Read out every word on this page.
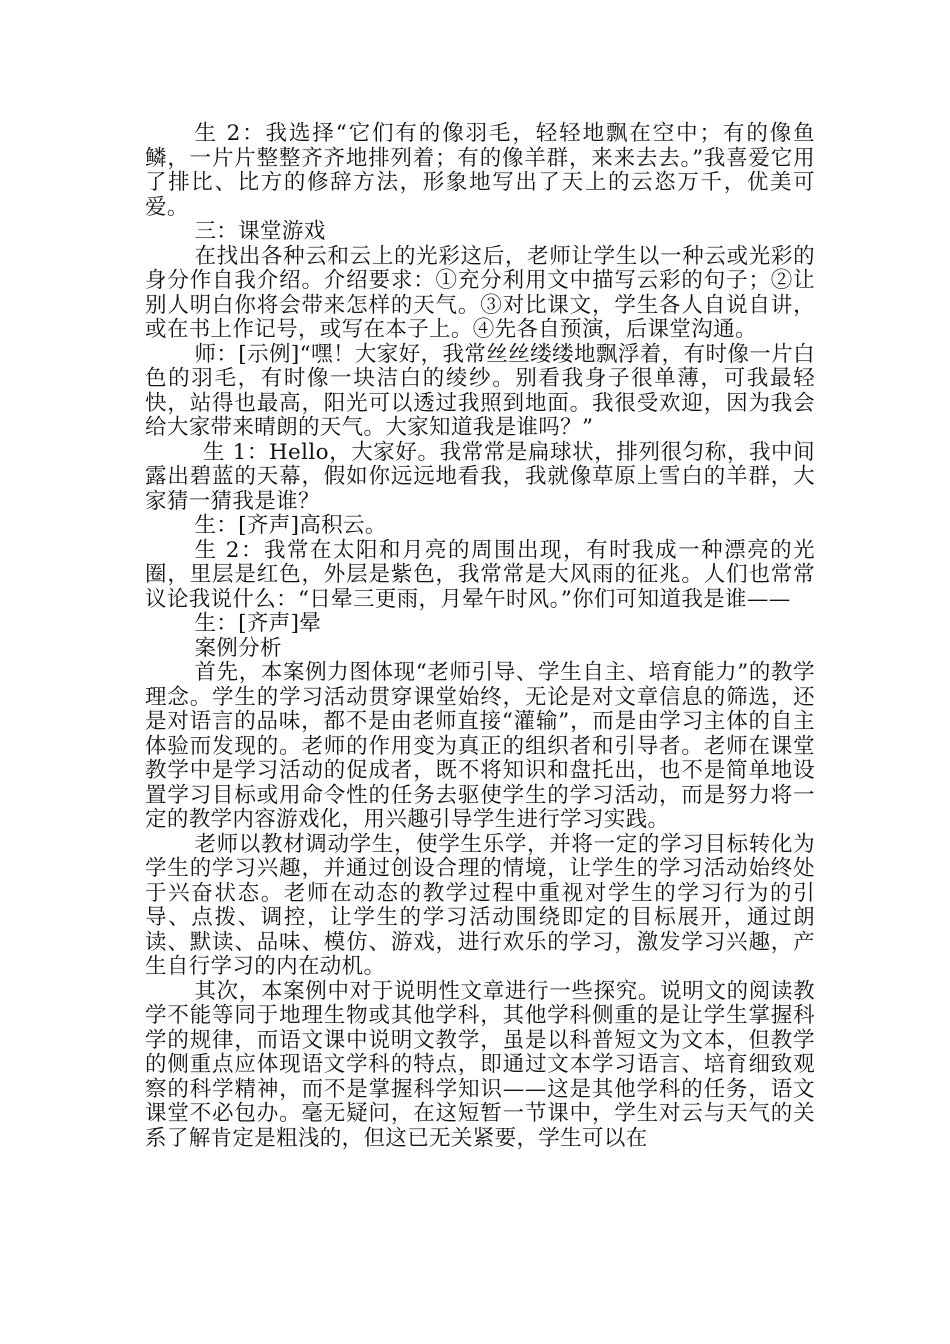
生 2：我选择“它们有的像羽毛，轻轻地飘在空中；有的像鱼鳞，一片片整整齐齐地排列着；有的像羊群，来来去去。”我喜爱它用了排比、比方的修辞方法，形象地写出了天上的云恣万千，优美可爱。

三：课堂游戏

在找出各种云和云上的光彩这后，老师让学生以一种云或光彩的身分作自我介绍。介绍要求：①充分利用文中描写云彩的句子；②让别人明白你将会带来怎样的天气。③对比课文，学生各人自说自讲，或在书上作记号，或写在本子上。④先各自预演，后课堂沟通。

师：[示例]“嘿！大家好，我常丝丝缕缕地飘浮着，有时像一片白色的羽毛，有时像一块洁白的绫纱。别看我身子很单薄，可我最轻快，站得也最高，阳光可以透过我照到地面。我很受欢迎，因为我会给大家带来晴朗的天气。大家知道我是谁吗？”

生 1：Hello，大家好。我常常是扁球状，排列很匀称，我中间露出碧蓝的天幕，假如你远远地看我，我就像草原上雪白的羊群，大家猜一猜我是谁？

生：[齐声]高积云。

生 2：我常在太阳和月亮的周围出现，有时我成一种漂亮的光圈，里层是红色，外层是紫色，我常常是大风雨的征兆。人们也常常议论我说什么：“日晕三更雨，月晕午时风。”你们可知道我是谁——

生：[齐声]晕

案例分析

首先，本案例力图体现“老师引导、学生自主、培育能力”的教学理念。学生的学习活动贯穿课堂始终，无论是对文章信息的筛选，还是对语言的品味，都不是由老师直接“灌输”，而是由学习主体的自主体验而发现的。老师的作用变为真正的组织者和引导者。老师在课堂教学中是学习活动的促成者，既不将知识和盘托出，也不是简单地设置学习目标或用命令性的任务去驱使学生的学习活动，而是努力将一定的教学内容游戏化，用兴趣引导学生进行学习实践。

老师以教材调动学生，使学生乐学，并将一定的学习目标转化为学生的学习兴趣，并通过创设合理的情境，让学生的学习活动始终处于兴奋状态。老师在动态的教学过程中重视对学生的学习行为的引导、点拨、调控，让学生的学习活动围绕即定的目标展开，通过朗读、默读、品味、模仿、游戏，进行欢乐的学习，激发学习兴趣，产生自行学习的内在动机。

其次，本案例中对于说明性文章进行一些探究。说明文的阅读教学不能等同于地理生物或其他学科，其他学科侧重的是让学生掌握科学的规律，而语文课中说明文教学，虽是以科普短文为文本，但教学的侧重点应体现语文学科的特点，即通过文本学习语言、培育细致观察的科学精神，而不是掌握科学知识——这是其他学科的任务，语文课堂不必包办。毫无疑问，在这短暂一节课中，学生对云与天气的关系了解肯定是粗浅的，但这已无关紧要，学生可以在
